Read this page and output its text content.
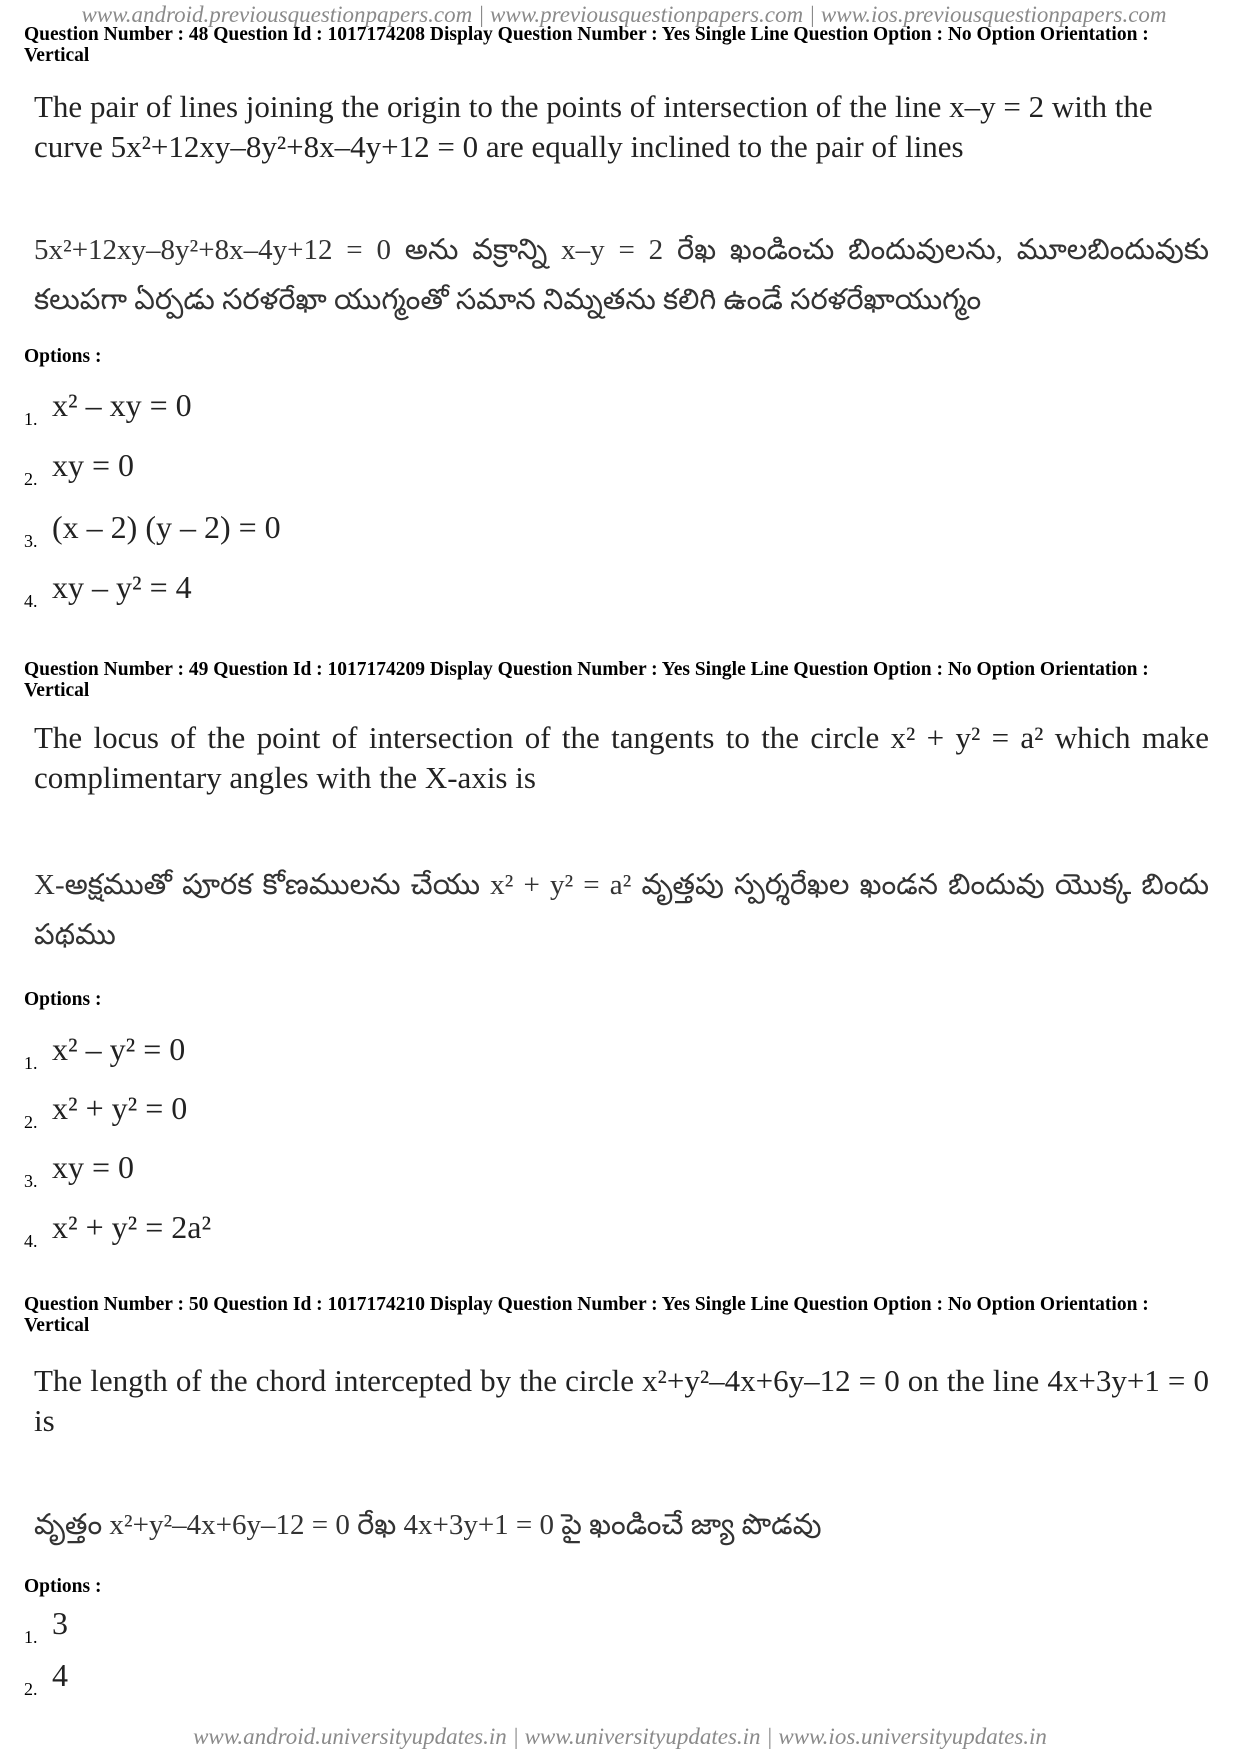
www.android.previousquestionpapers.com | www.previousquestionpapers.com | www.ios.previousquestionpapers.com
Question Number : 48 Question Id : 1017174208 Display Question Number : Yes Single Line Question Option : No Option Orientation : Vertical
The pair of lines joining the origin to the points of intersection of the line x–y = 2 with the curve 5x²+12xy–8y²+8x–4y+12 = 0 are equally inclined to the pair of lines
5x²+12xy–8y²+8x–4y+12 = 0 అను వక్రాన్ని x–y = 2 రేఖ ఖండించు బిందువులను, మూలబిందువుకు కలుపగా ఏర్పడు సరళరేఖా యుగ్మంతో సమాన నిమ్నతను కలిగి ఉండే సరళరేఖాయుగ్మం
Options :
1. x² – xy = 0
2. xy = 0
3. (x – 2) (y – 2) = 0
4. xy – y² = 4
Question Number : 49 Question Id : 1017174209 Display Question Number : Yes Single Line Question Option : No Option Orientation : Vertical
The locus of the point of intersection of the tangents to the circle x² + y² = a² which make complimentary angles with the X-axis is
X-అక్షముతో పూరక కోణములను చేయు x² + y² = a² వృత్తపు స్పర్శరేఖల ఖండన బిందువు యొక్క బిందు పథము
Options :
1. x² – y² = 0
2. x² + y² = 0
3. xy = 0
4. x² + y² = 2a²
Question Number : 50 Question Id : 1017174210 Display Question Number : Yes Single Line Question Option : No Option Orientation : Vertical
The length of the chord intercepted by the circle x²+y²–4x+6y–12 = 0 on the line 4x+3y+1 = 0 is
వృత్తం x²+y²–4x+6y–12 = 0 రేఖ 4x+3y+1 = 0 పై ఖండించే జ్యా పొడవు
Options :
1. 3
2. 4
www.android.universityupdates.in | www.universityupdates.in | www.ios.universityupdates.in
